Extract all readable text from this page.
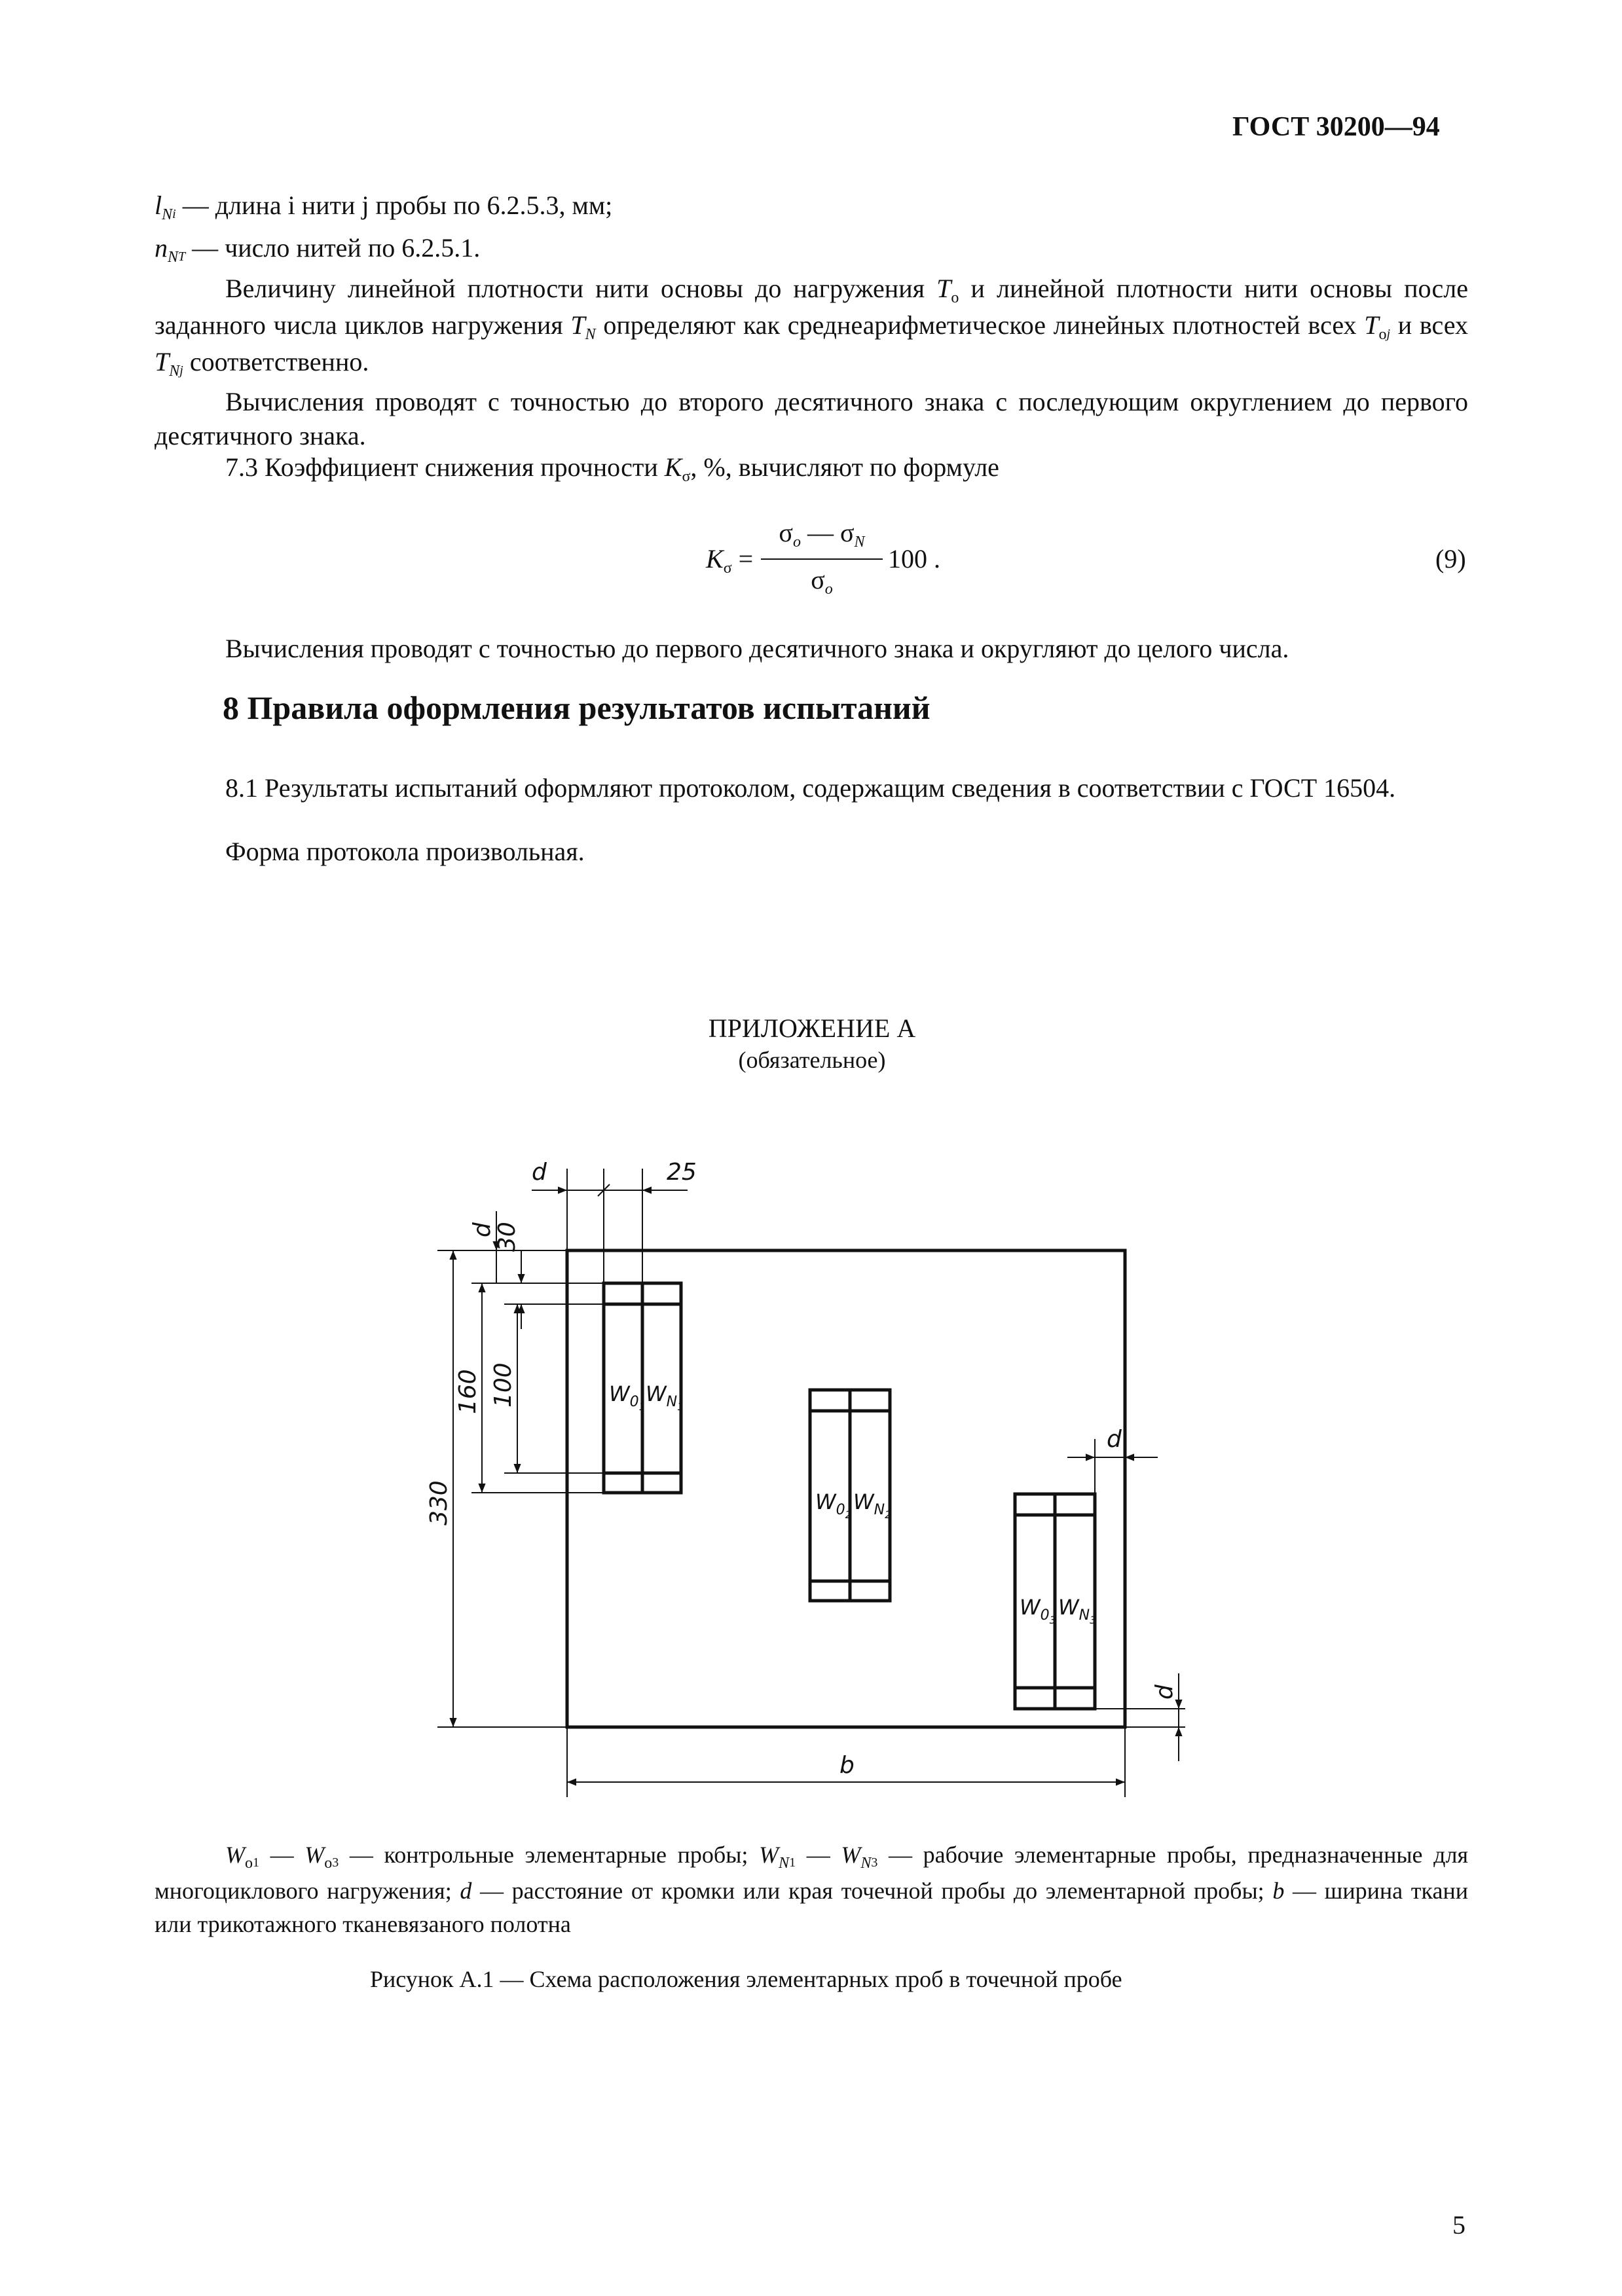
ГОСТ 30200—94
$l_{Ni}$ — длина i нити j пробы по 6.2.5.3, мм;
$n_{NT}$ — число нитей по 6.2.5.1.
Величину линейной плотности нити основы до нагружения $T_о$ и линейной плотности нити основы после заданного числа циклов нагружения $T_N$ определяют как среднеарифметическое линейных плотностей всех $T_{оj}$ и всех $T_{Nj}$ соответственно.
Вычисления проводят с точностью до второго десятичного знака с последующим округлением до первого десятичного знака.
7.3 Коэффициент снижения прочности $K_\sigma$, %, вычисляют по формуле
$K_\sigma$ =
$\sigma_o$ — $\sigma_N$
$\sigma_o$
100 .	(9)
Вычисления проводят с точностью до первого десятичного знака и округляют до целого числа.
8 Правила оформления результатов испытаний
8.1 Результаты испытаний оформляют протоколом, содержащим сведения в соответствии с ГОСТ 16504.
Форма протокола произвольная.
ПРИЛОЖЕНИЕ А
(обязательное)
d	25
d
30
160 100
330
b
d
d
$W_01$
$W_N1$
$W_02$
$W_N2$
$W_03$
$W_N3$
$W_{о1}$ — $W_{о3}$ — контрольные элементарные пробы; $W_{N1}$ — $W_{N3}$ — рабочие элементарные пробы, предназначенные для многоциклового нагружения; d — расстояние от кромки или края точечной пробы до элементарной пробы; b — ширина ткани или трикотажного тканевязаного полотна
Рисунок А.1 — Схема расположения элементарных проб в точечной пробе
5
